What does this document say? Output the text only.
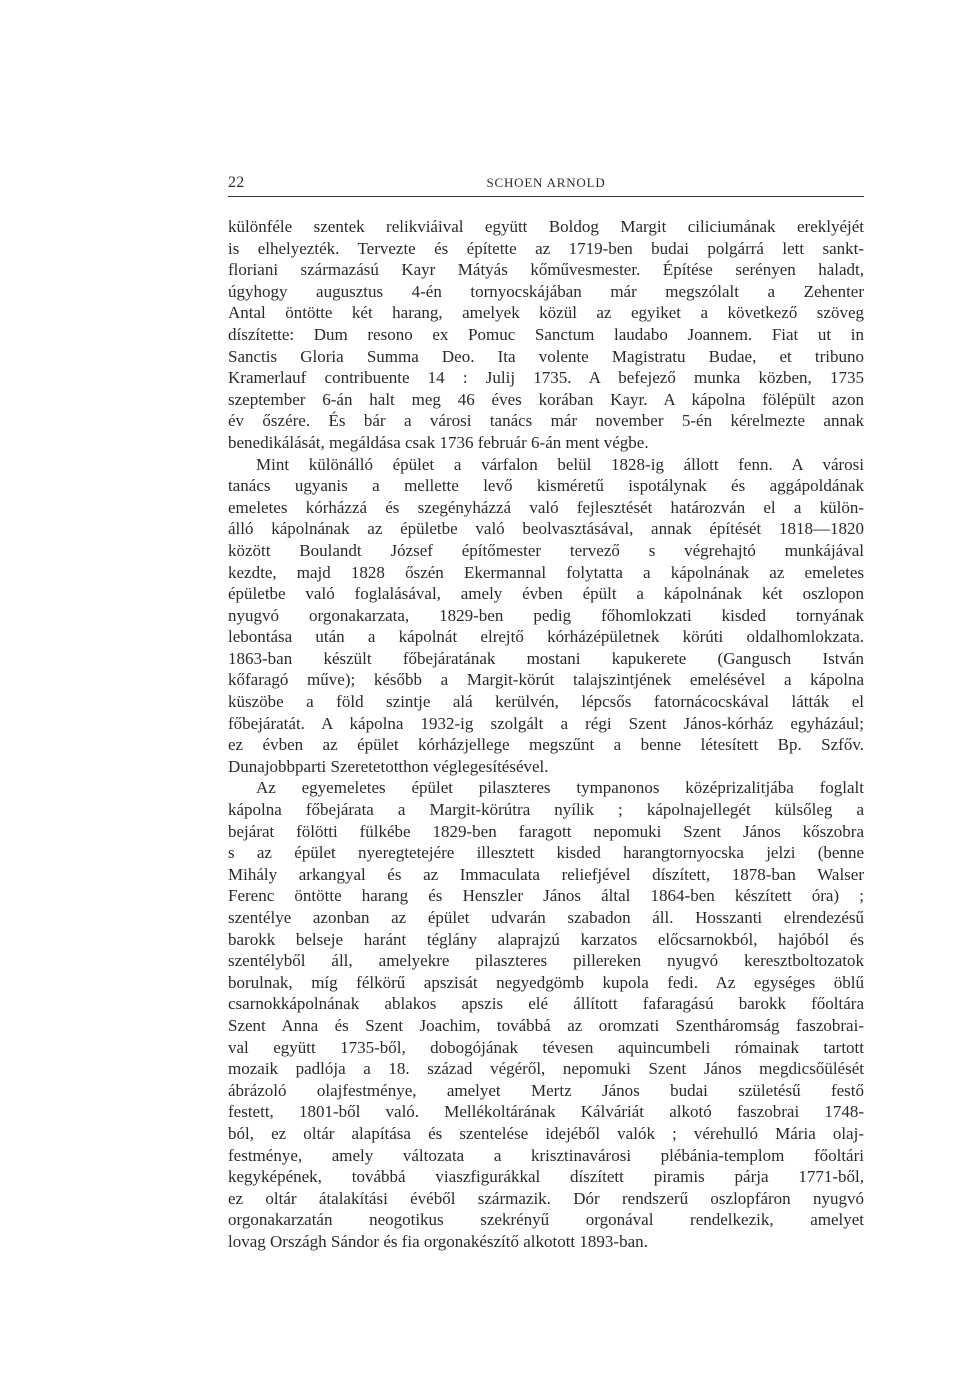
22	SCHOEN ARNOLD
különféle szentek relikviáival együtt Boldog Margit ciliciumának ereklyéjét
is elhelyezték. Tervezte és építette az 1719-ben budai polgárrá lett sankt-
floriani származású Kayr Mátyás kőművesmester. Építése serényen haladt,
úgyhogy augusztus 4-én tornyocskájában már megszólalt a Zehenter
Antal öntötte két harang, amelyek közül az egyiket a következő szöveg
díszítette: Dum resono ex Pomuc Sanctum laudabo Joannem. Fiat ut in
Sanctis Gloria Summa Deo. Ita volente Magistratu Budae, et tribuno
Kramerlauf contribuente 14 : Julij 1735. A befejező munka közben, 1735
szeptember 6-án halt meg 46 éves korában Kayr. A kápolna fölépült azon
év őszére. És bár a városi tanács már november 5-én kérelmezte annak
benedikálását, megáldása csak 1736 február 6-án ment végbe.
Mint különálló épület a várfalon belül 1828-ig állott fenn. A városi
tanács ugyanis a mellette levő kisméretű ispotálynak és aggápoldának
emeletes kórházzá és szegényházzá való fejlesztését határozván el a külön-
álló kápolnának az épületbe való beolvasztásával, annak építését 1818—1820
között Boulandt József építőmester tervező s végrehajtó munkájával
kezdte, majd 1828 őszén Ekermannal folytatta a kápolnának az emeletes
épületbe való foglalásával, amely évben épült a kápolnának két oszlopon
nyugvó orgonakarzata, 1829-ben pedig főhomlokzati kisded tornyának
lebontása után a kápolnát elrejtő kórházépületnek körúti oldalhomlokzata.
1863-ban készült főbejáratának mostani kapukerete (Gangusch István
kőfaragó műve); később a Margit-körút talajszintjének emelésével a kápolna
küszöbe a föld szintje alá kerülvén, lépcsős fatornácocskával látták el
főbejáratát. A kápolna 1932-ig szolgált a régi Szent János-kórház egyházául;
ez évben az épület kórházjellege megszűnt a benne létesített Bp. Szfőv.
Dunajobbparti Szeretetotthon véglegesítésével.
Az egyemeletes épület pilaszteres tympanonos középrizalitjába foglalt
kápolna főbejárata a Margit-körútra nyílik ; kápolnajellegét külsőleg a
bejárat fölötti fülkébe 1829-ben faragott nepomuki Szent János kőszobra
s az épület nyeregtetejére illesztett kisded harangtornyocska jelzi (benne
Mihály arkangyal és az Immaculata reliefjével díszített, 1878-ban Walser
Ferenc öntötte harang és Henszler János által 1864-ben készített óra) ;
szentélye azonban az épület udvarán szabadon áll. Hosszanti elrendezésű
barokk belseje haránt téglány alaprajzú karzatos előcsarnokból, hajóból és
szentélyből áll, amelyekre pilaszteres pillereken nyugvó keresztboltozatok
borulnak, míg félkörű apszisát negyedgömb kupola fedi. Az egységes öblű
csarnokkápolnának ablakos apszis elé állított fafaragású barokk főoltára
Szent Anna és Szent Joachim, továbbá az oromzati Szentháromság faszobrai-
val együtt 1735-ből, dobogójának tévesen aquincumbeli rómainak tartott
mozaik padlója a 18. század végéről, nepomuki Szent János megdicsőülését
ábrázoló olajfestménye, amelyet Mertz János budai születésű festő
festett, 1801-ből való. Mellékoltárának Kálváriát alkotó faszobrai 1748-
ból, ez oltár alapítása és szentelése idejéből valók ; vérehulló Mária olaj-
festménye, amely változata a krisztinavárosi plébánia-templom főoltári
kegyképének, továbbá viaszfigurákkal díszített piramis párja 1771-ből,
ez oltár átalakítási évéből származik. Dór rendszerű oszlopfáron nyugvó
orgonakarzatán neogotikus szekrényű orgonával rendelkezik, amelyet
lovag Országh Sándor és fia orgonakészítő alkotott 1893-ban.
